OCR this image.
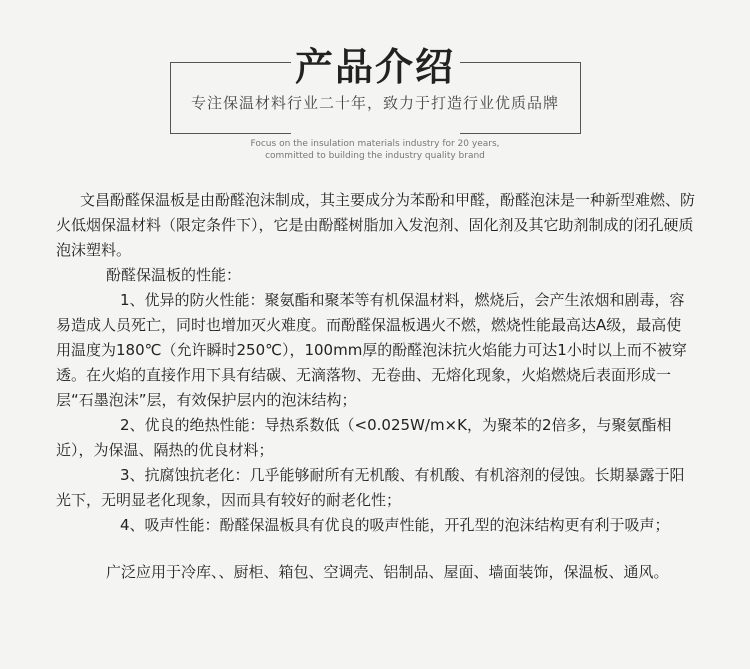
产品介绍
专注保温材料行业二十年，致力于打造行业优质品牌
Focus on the insulation materials industry for 20 years,
committed to building the industry quality brand

文昌酚醛保温板是由酚醛泡沫制成，其主要成分为苯酚和甲醛，酚醛泡沫是一种新型难燃、防火低烟保温材料（限定条件下），它是由酚醛树脂加入发泡剂、固化剂及其它助剂制成的闭孔硬质泡沫塑料。

酚醛保温板的性能：

1、优异的防火性能：聚氨酯和聚苯等有机保温材料，燃烧后，会产生浓烟和剧毒，容易造成人员死亡，同时也增加灭火难度。而酚醛保温板遇火不燃，燃烧性能最高达A级，最高使用温度为180℃（允许瞬时250℃），100mm厚的酚醛泡沫抗火焰能力可达1小时以上而不被穿透。在火焰的直接作用下具有结碳、无滴落物、无卷曲、无熔化现象，火焰燃烧后表面形成一层“石墨泡沫”层，有效保护层内的泡沫结构；

2、优良的绝热性能：导热系数低（<0.025W/m×K，为聚苯的2倍多，与聚氨酯相近），为保温、隔热的优良材料；

3、抗腐蚀抗老化：几乎能够耐所有无机酸、有机酸、有机溶剂的侵蚀。长期暴露于阳光下，无明显老化现象，因而具有较好的耐老化性；

4、吸声性能：酚醛保温板具有优良的吸声性能，开孔型的泡沫结构更有利于吸声；

广泛应用于冷库、、厨柜、箱包、空调壳、铝制品、屋面、墙面装饰，保温板、通风。
